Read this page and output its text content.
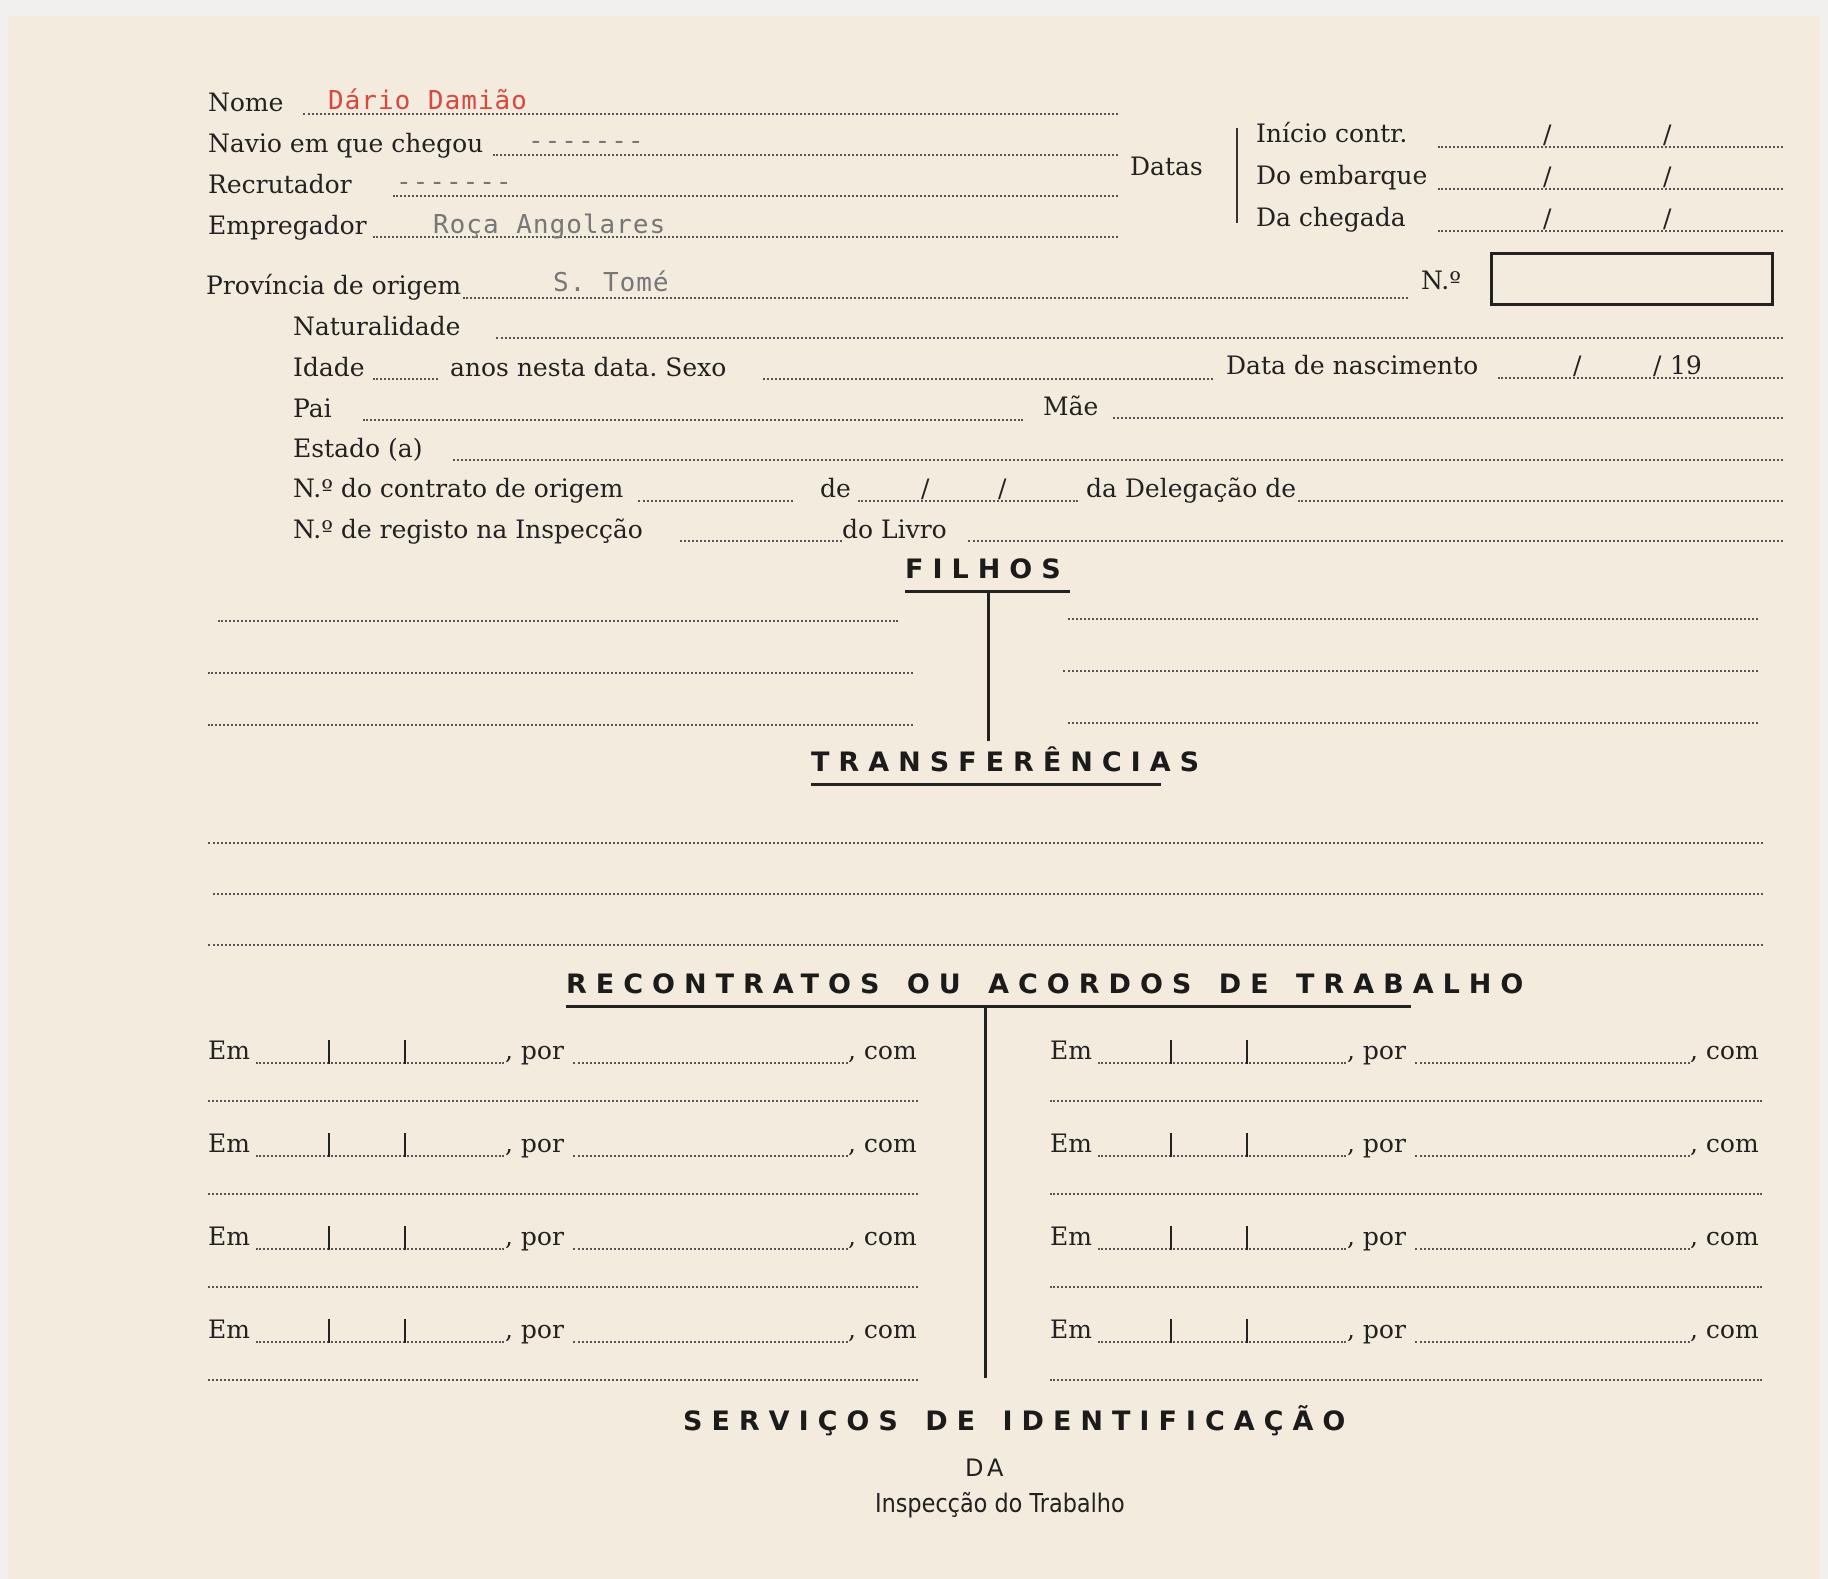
Nome Dário Damião
Navio em que chegou -------
Recrutador -------
Empregador	Roça Angolares
Datas
Início contr.	/	/
Do embarque	/	/
Da chegada	/	/
Província de origem	S. Tomé	N.º
Naturalidade
Idade	anos nesta data. Sexo	Data de nascimento	/	/ 19
Pai	Mãe
Estado (a)
N.º do contrato de origem	de	/	/	da Delegação de
N.º de registo na Inspecção	do Livro
FILHOS
TRANSFERÊNCIAS
RECONTRATOS OU ACORDOS DE TRABALHO
Em	, por	, com	Em	, por	, com
Em	, por	, com	Em	, por	, com
Em	, por	, com	Em	, por	, com
Em	, por	, com	Em	, por	, com
SERVIÇOS DE IDENTIFICAÇÃO
DA
Inspecção do Trabalho
